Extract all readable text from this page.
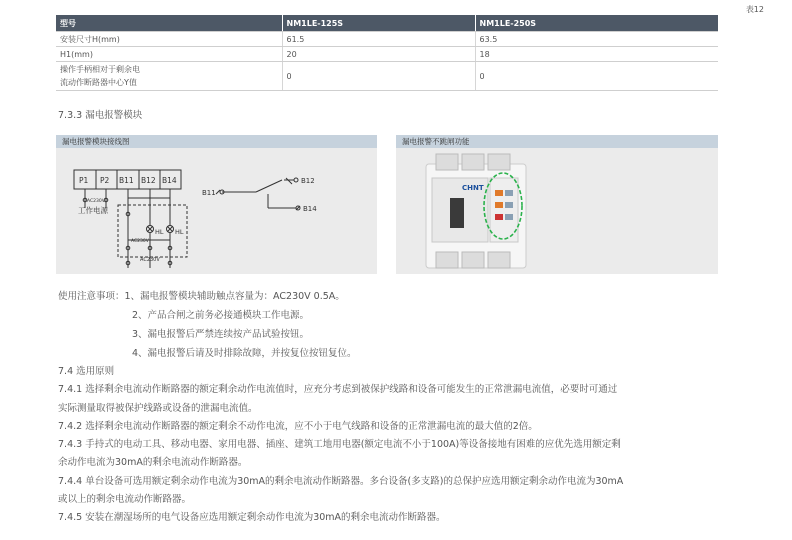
表12
型号	NM1LE-125S	NM1LE-250S
安装尺寸H(mm)	61.5	63.5
H1(mm)	20	18

操作手柄相对于剩余电
流动作断路器中心Y值	0	0
7.3.3 漏电报警模块
漏电报警模块接线图
P1 P2 B11 B12 B14
AC230V
工作电源
HL HL
AC230V
AC230V
B11
B12
B14
漏电报警不跳闸功能
CHNT
使用注意事项：1、漏电报警模块辅助触点容量为：AC230V 0.5A。
2、产品合闸之前务必接通模块工作电源。
3、漏电报警后严禁连续按产品试验按钮。
4、漏电报警后请及时排除故障，并按复位按钮复位。
7.4 选用原则
7.4.1 选择剩余电流动作断路器的额定剩余动作电流值时，应充分考虑到被保护线路和设备可能发生的正常泄漏电流值，必要时可通过
实际测量取得被保护线路或设备的泄漏电流值。
7.4.2 选择剩余电流动作断路器的额定剩余不动作电流，应不小于电气线路和设备的正常泄漏电流的最大值的2倍。
7.4.3 手持式的电动工具、移动电器、家用电器、插座、建筑工地用电器(额定电流不小于100A)等设备接地有困难的应优先选用额定剩
余动作电流为30mA的剩余电流动作断路器。
7.4.4 单台设备可选用额定剩余动作电流为30mA的剩余电流动作断路器。多台设备(多支路)的总保护应选用额定剩余动作电流为30mA
或以上的剩余电流动作断路器。
7.4.5 安装在潮湿场所的电气设备应选用额定剩余动作电流为30mA的剩余电流动作断路器。
